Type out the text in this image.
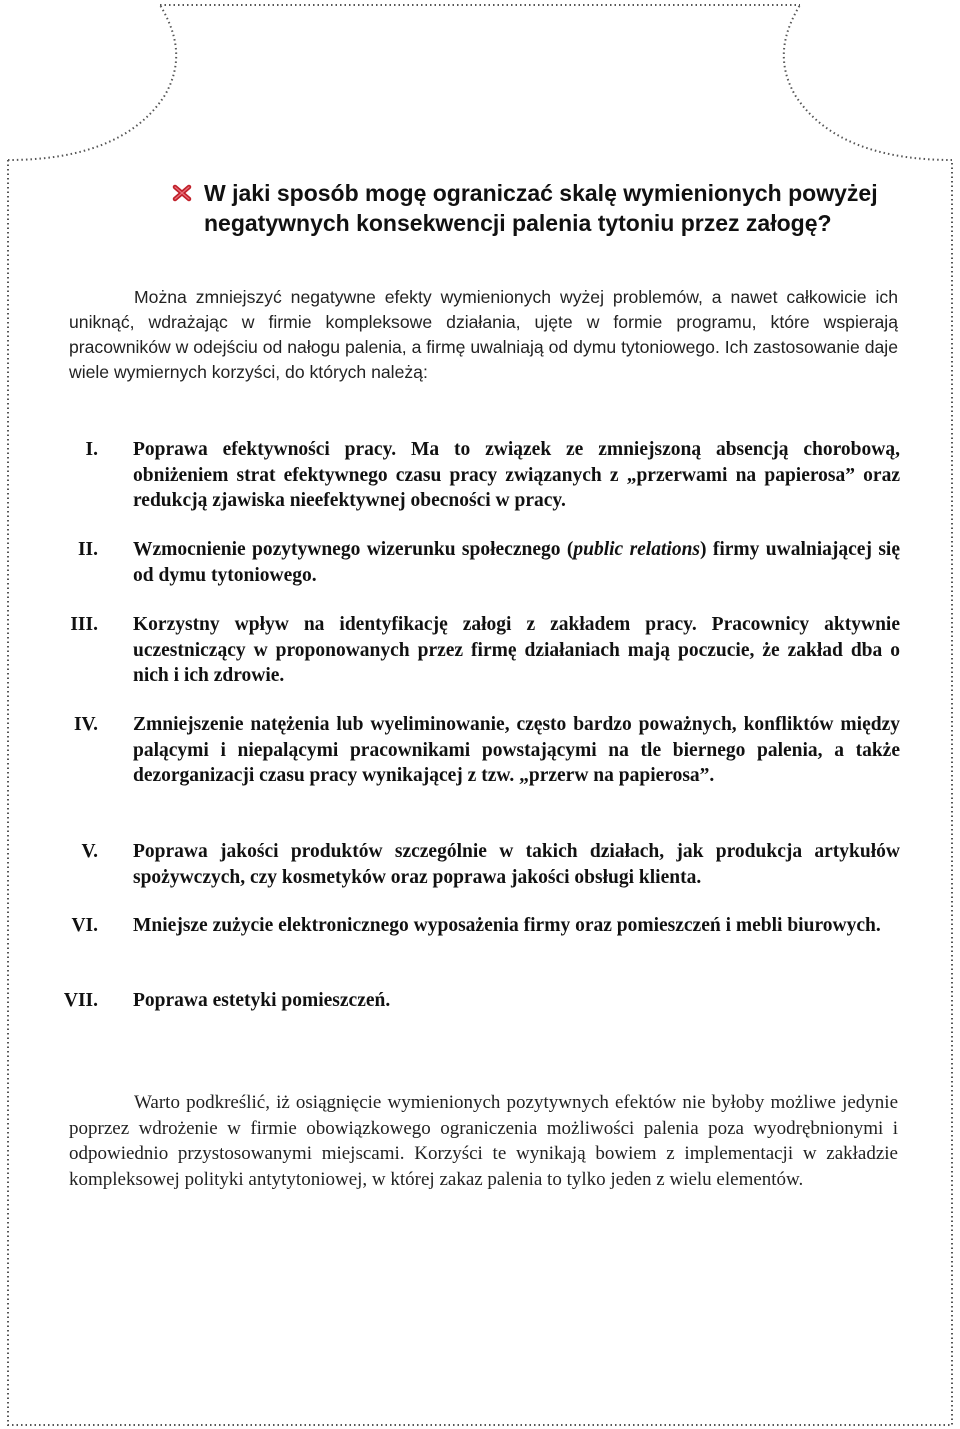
W jaki sposób mogę ograniczać skalę wymienionych powyżej negatywnych konsekwencji palenia tytoniu przez załogę?
Można zmniejszyć negatywne efekty wymienionych wyżej problemów, a nawet całkowicie ich uniknąć, wdrażając w firmie kompleksowe działania, ujęte w formie programu, które wspierają pracowników w odejściu od nałogu palenia, a firmę uwalniają od dymu tytoniowego. Ich zastosowanie daje wiele wymiernych korzyści, do których należą:
I. Poprawa efektywności pracy. Ma to związek ze zmniejszoną absencją chorobową, obniżeniem strat efektywnego czasu pracy związanych z „przerwami na papierosa” oraz redukcją zjawiska nieefektywnej obecności w pracy.
II. Wzmocnienie pozytywnego wizerunku społecznego (public relations) firmy uwalniającej się od dymu tytoniowego.
III. Korzystny wpływ na identyfikację załogi z zakładem pracy. Pracownicy aktywnie uczestniczący w proponowanych przez firmę działaniach mają poczucie, że zakład dba o nich i ich zdrowie.
IV. Zmniejszenie natężenia lub wyeliminowanie, często bardzo poważnych, konfliktów między palącymi i niepalącymi pracownikami powstającymi na tle biernego palenia, a także dezorganizacji czasu pracy wynikającej z tzw. „przerw na papierosa”.
V. Poprawa jakości produktów szczególnie w takich działach, jak produkcja artykułów spożywczych, czy kosmetyków oraz poprawa jakości obsługi klienta.
VI. Mniejsze zużycie elektronicznego wyposażenia firmy oraz pomieszczeń i mebli biurowych.
VII. Poprawa estetyki pomieszczeń.
Warto podkreślić, iż osiągnięcie wymienionych pozytywnych efektów nie byłoby możliwe jedynie poprzez wdrożenie w firmie obowiązkowego ograniczenia możliwości palenia poza wyodrębnionymi i odpowiednio przystosowanymi miejscami. Korzyści te wynikają bowiem z implementacji w zakładzie kompleksowej polityki antytytoniowej, w której zakaz palenia to tylko jeden z wielu elementów.
